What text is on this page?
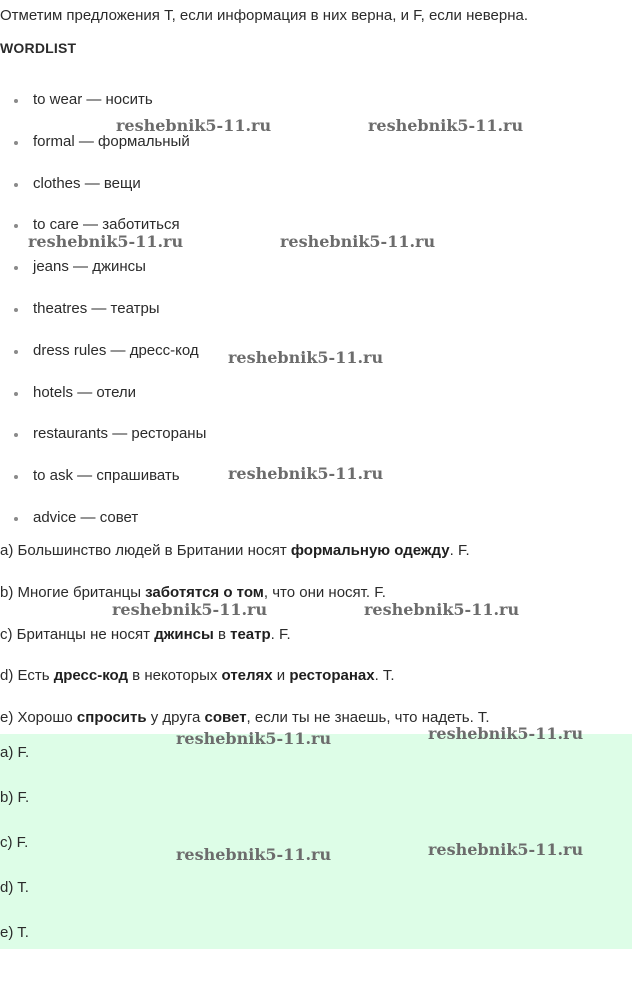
Отметим предложения T, если информация в них верна, и F, если неверна.

WORDLIST
to wear — носить
formal — формальный
clothes — вещи
to care — заботиться
jeans — джинсы
theatres — театры
dress rules — дресс-код
hotels — отели
restaurants — рестораны
to ask — спрашивать
advice — совет
a) Большинство людей в Британии носят формальную одежду. F.
b) Многие британцы заботятся о том, что они носят. F.
c) Британцы не носят джинсы в театр. F.
d) Есть дресс-код в некоторых отелях и ресторанах. T.
e) Хорошо спросить у друга совет, если ты не знаешь, что надеть. T.
a) F.
b) F.
c) F.
d) T.
e) T.
reshebnik5-11.ru	reshebnik5-11.ru
reshebnik5-11.ru	reshebnik5-11.ru
reshebnik5-11.ru
reshebnik5-11.ru
reshebnik5-11.ru	reshebnik5-11.ru
reshebnik5-11.ru	reshebnik5-11.ru
reshebnik5-11.ru	reshebnik5-11.ru
